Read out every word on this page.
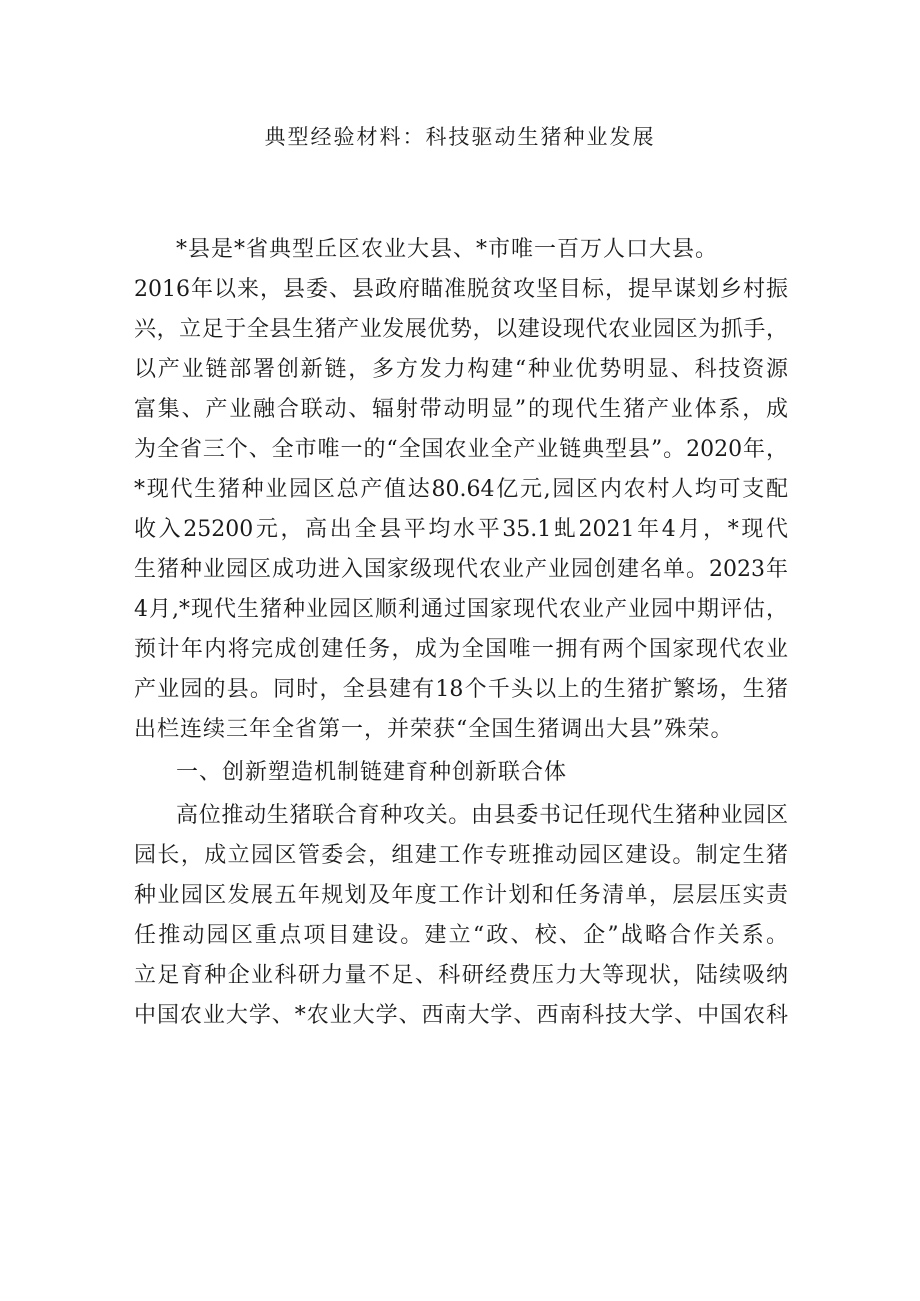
典型经验材料：科技驱动生猪种业发展
*县是*省典型丘区农业大县、*市唯一百万人口大县。
2016年以来，县委、县政府瞄准脱贫攻坚目标，提早谋划乡村振
兴，立足于全县生猪产业发展优势，以建设现代农业园区为抓手，
以产业链部署创新链，多方发力构建“种业优势明显、科技资源
富集、产业融合联动、辐射带动明显”的现代生猪产业体系，成
为全省三个、全市唯一的“全国农业全产业链典型县”。2020年，
*现代生猪种业园区总产值达80.64亿元,园区内农村人均可支配
收入25200元，高出全县平均水平35.1虬2021年4月，*现代
生猪种业园区成功进入国家级现代农业产业园创建名单。2023年
4月,*现代生猪种业园区顺利通过国家现代农业产业园中期评估，
预计年内将完成创建任务，成为全国唯一拥有两个国家现代农业
产业园的县。同时，全县建有18个千头以上的生猪扩繁场，生猪
出栏连续三年全省第一，并荣获“全国生猪调出大县”殊荣。
一、创新塑造机制链建育种创新联合体
高位推动生猪联合育种攻关。由县委书记任现代生猪种业园区
园长，成立园区管委会，组建工作专班推动园区建设。制定生猪
种业园区发展五年规划及年度工作计划和任务清单，层层压实责
任推动园区重点项目建设。建立“政、校、企”战略合作关系。
立足育种企业科研力量不足、科研经费压力大等现状，陆续吸纳
中国农业大学、*农业大学、西南大学、西南科技大学、中国农科
